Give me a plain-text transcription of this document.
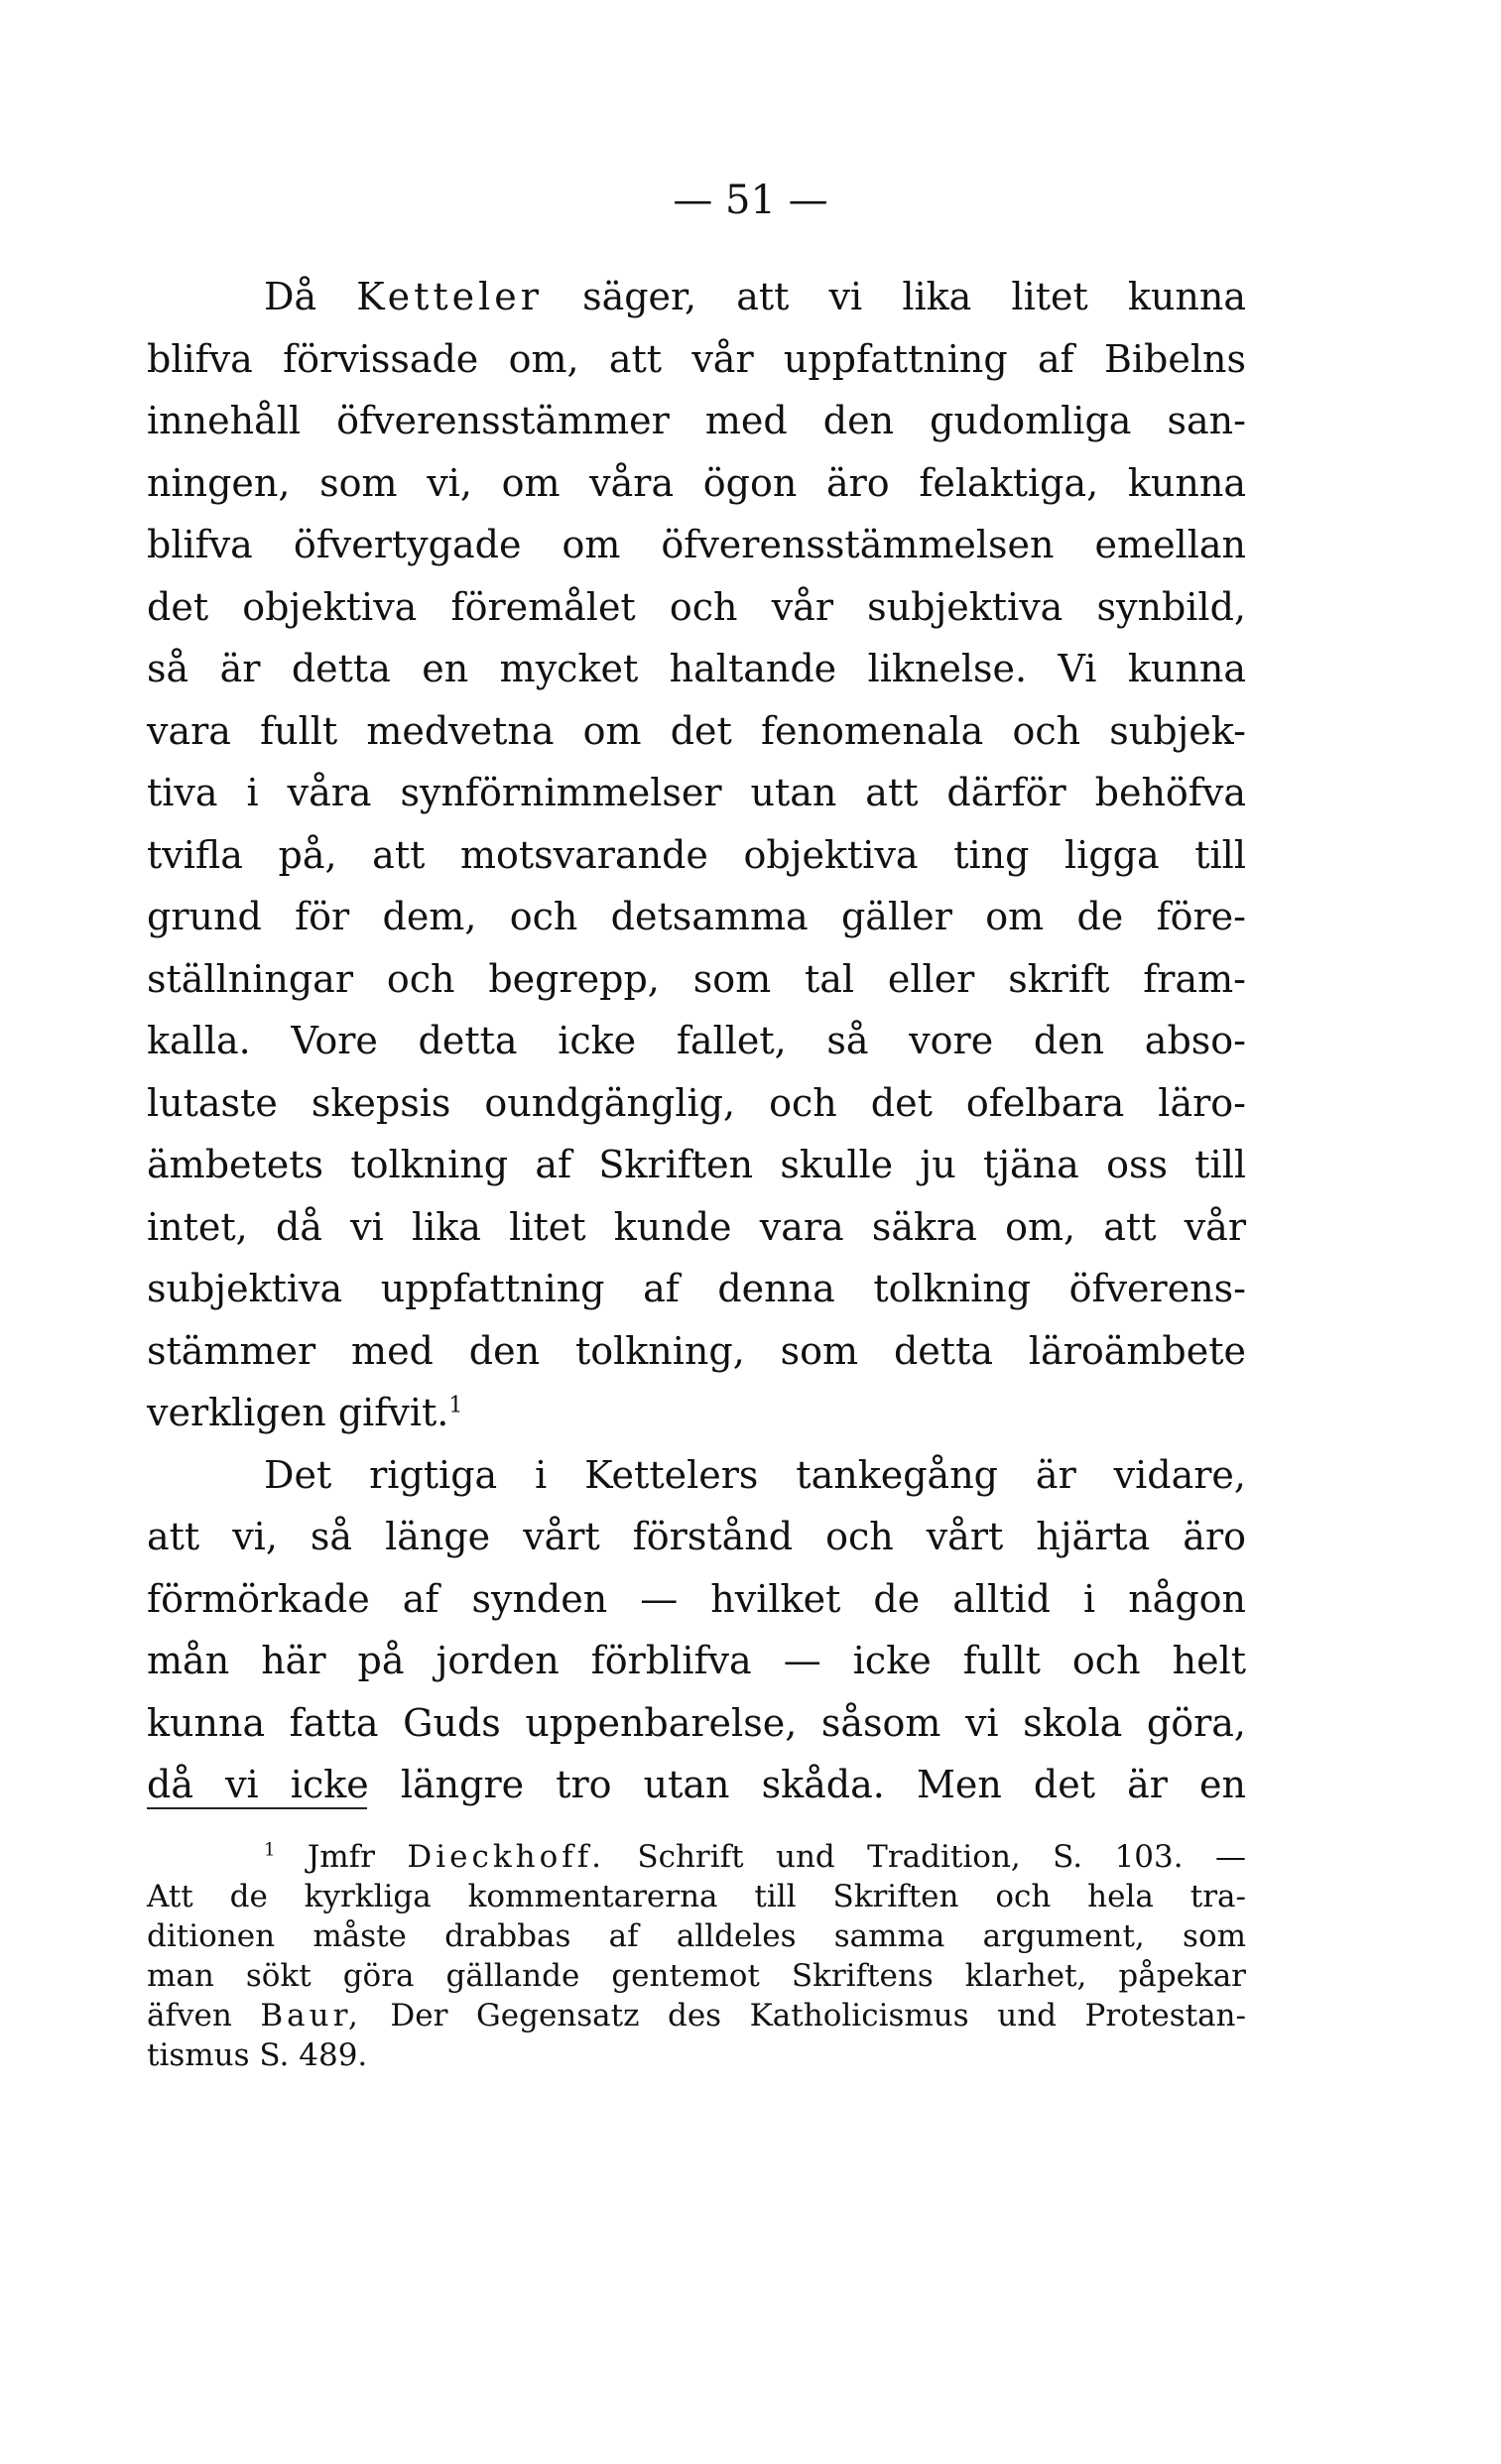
— 51 —
Då Ketteler säger, att vi lika litet kunna
blifva förvissade om, att vår uppfattning af Bibelns
innehåll öfverensstämmer med den gudomliga san-
ningen, som vi, om våra ögon äro felaktiga, kunna
blifva öfvertygade om öfverensstämmelsen emellan
det objektiva föremålet och vår subjektiva synbild,
så är detta en mycket haltande liknelse. Vi kunna
vara fullt medvetna om det fenomenala och subjek-
tiva i våra synförnimmelser utan att därför behöfva
tvifla på, att motsvarande objektiva ting ligga till
grund för dem, och detsamma gäller om de före-
ställningar och begrepp, som tal eller skrift fram-
kalla. Vore detta icke fallet, så vore den abso-
lutaste skepsis oundgänglig, och det ofelbara läro-
ämbetets tolkning af Skriften skulle ju tjäna oss till
intet, då vi lika litet kunde vara säkra om, att vår
subjektiva uppfattning af denna tolkning öfverens-
stämmer med den tolkning, som detta läroämbete
verkligen gifvit.$^1$
Det rigtiga i Kettelers tankegång är vidare,
att vi, så länge vårt förstånd och vårt hjärta äro
förmörkade af synden — hvilket de alltid i någon
mån här på jorden förblifva — icke fullt och helt
kunna fatta Guds uppenbarelse, såsom vi skola göra,
då vi icke längre tro utan skåda. Men det är en
$^1$ Jmfr Dieckhoff. Schrift und Tradition, S. 103. —
Att de kyrkliga kommentarerna till Skriften och hela tra-
ditionen måste drabbas af alldeles samma argument, som
man sökt göra gällande gentemot Skriftens klarhet, påpekar
äfven Baur, Der Gegensatz des Katholicismus und Protestan-
tismus S. 489.
